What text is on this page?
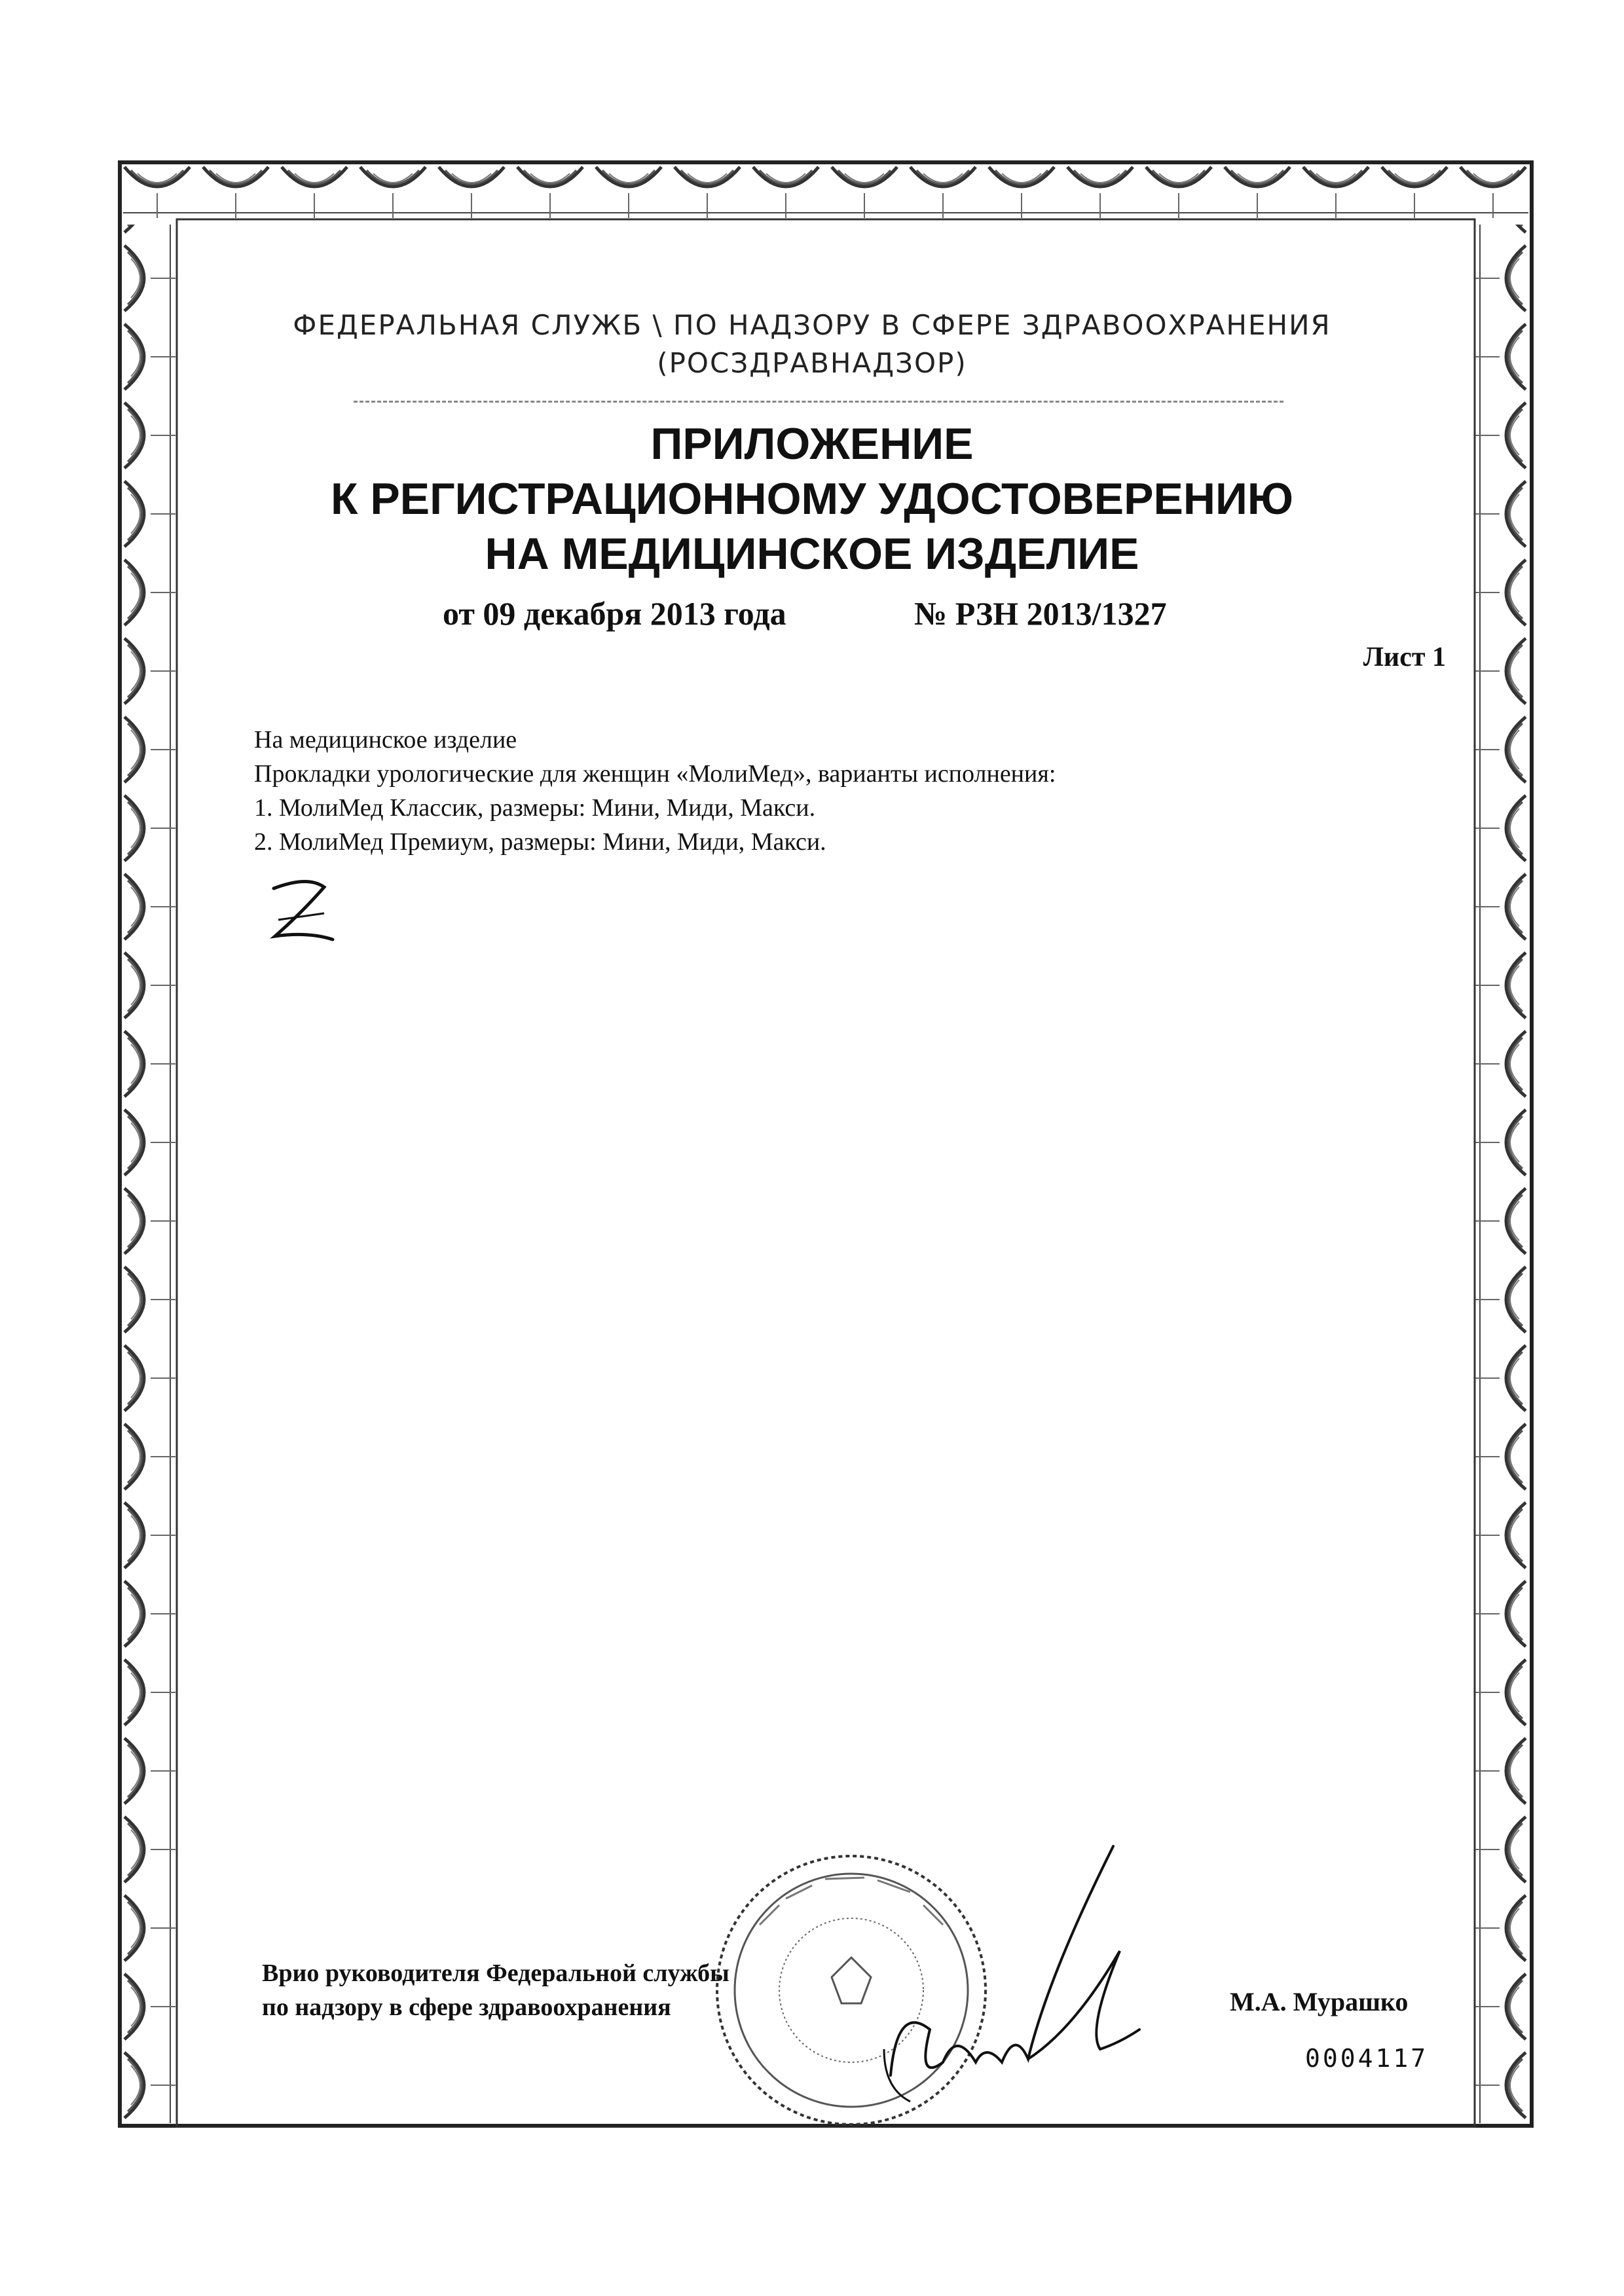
ФЕДЕРАЛЬНАЯ СЛУЖБ \ ПО НАДЗОРУ В СФЕРЕ ЗДРАВООХРАНЕНИЯ
(РОСЗДРАВНАДЗОР)
ПРИЛОЖЕНИЕ
К РЕГИСТРАЦИОННОМУ УДОСТОВЕРЕНИЮ
НА МЕДИЦИНСКОЕ ИЗДЕЛИЕ
от 09 декабря 2013 года	№ РЗН 2013/1327
Лист 1
На медицинское изделие
Прокладки урологические для женщин «МолиМед», варианты исполнения:
1. МолиМед Классик, размеры: Мини, Миди, Макси.
2. МолиМед Премиум, размеры: Мини, Миди, Макси.
Врио руководителя Федеральной службы
по надзору в сфере здравоохранения	М.А. Мурашко
0004117
